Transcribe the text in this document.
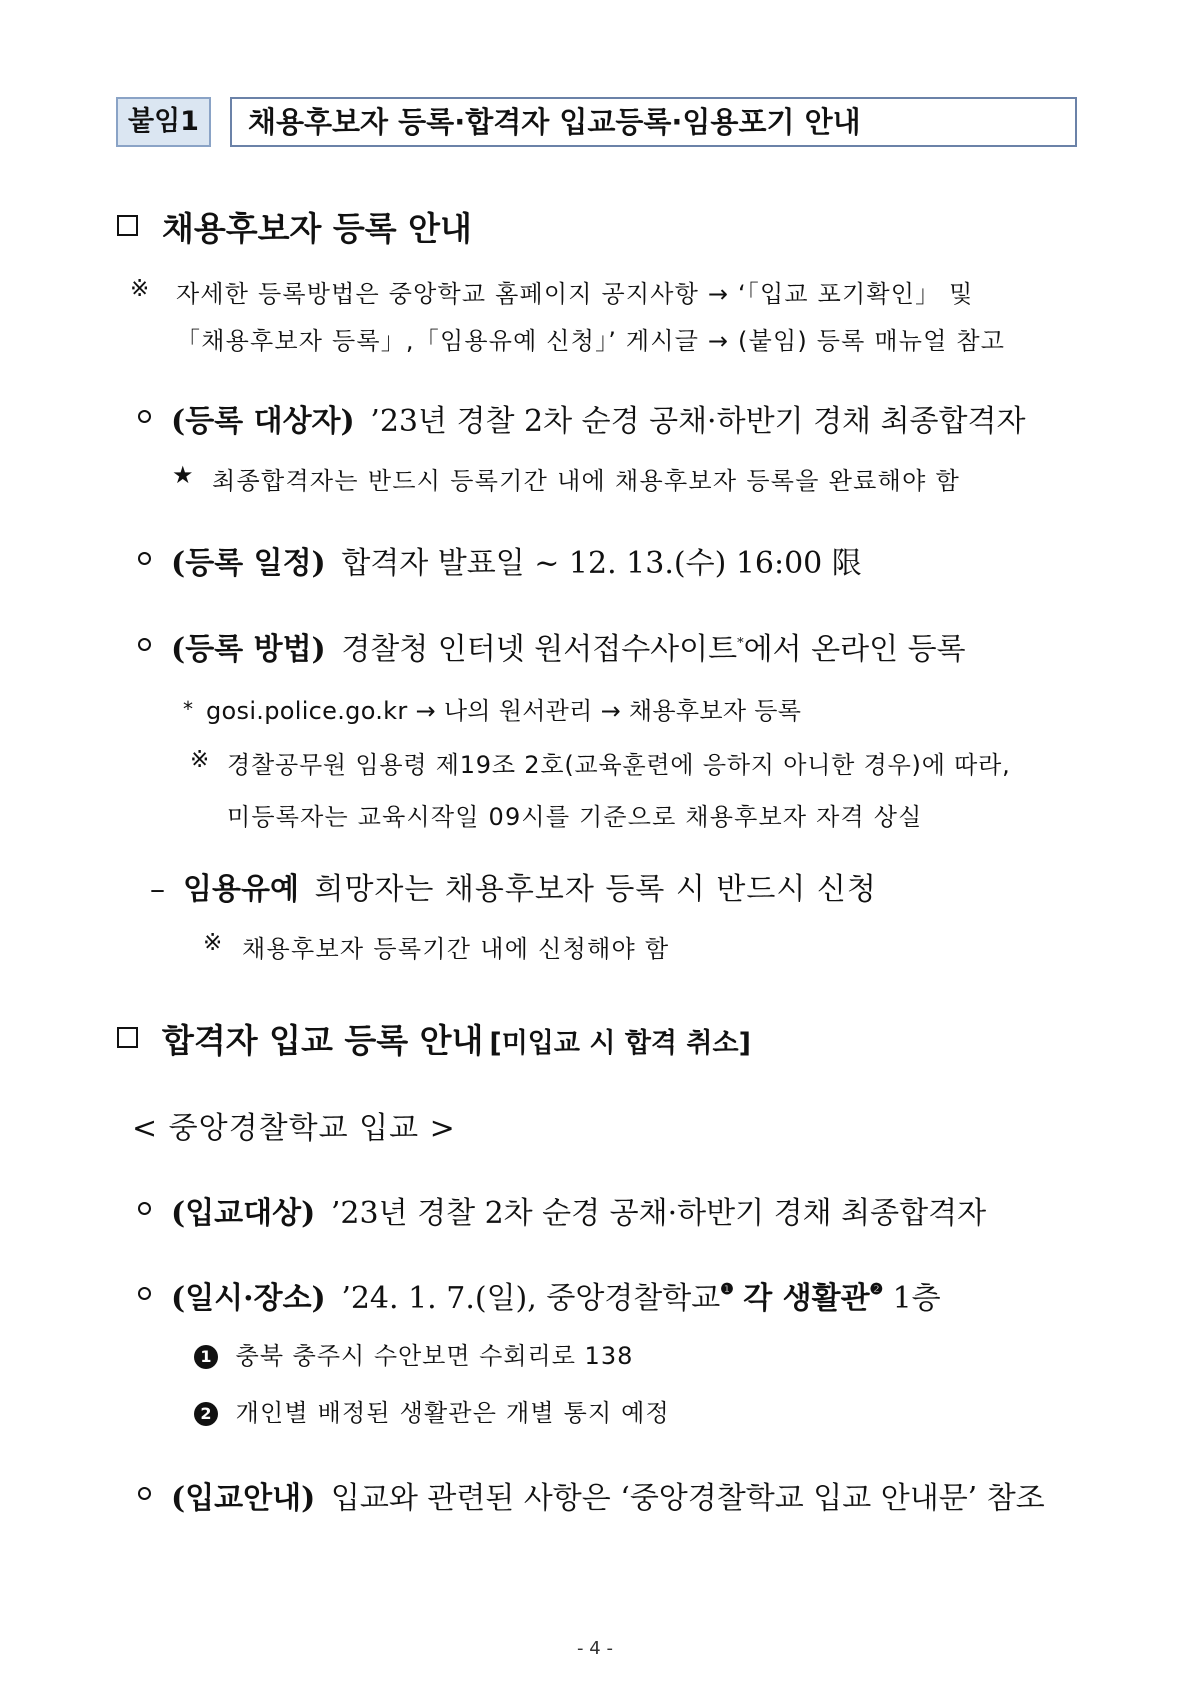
붙임1	채용후보자 등록·합격자 입교등록·임용포기 안내
채용후보자 등록 안내
※ 자세한 등록방법은 중앙학교 홈페이지 공지사항 → ‘「입교 포기확인」 및
「채용후보자 등록」,「임용유예 신청」’ 게시글 → (붙임) 등록 매뉴얼 참고
(등록 대상자) ’23년 경찰 2차 순경 공채·하반기 경채 최종합격자
★ 최종합격자는 반드시 등록기간 내에 채용후보자 등록을 완료해야 함
(등록 일정) 합격자 발표일 ~ 12. 13.(수) 16:00 限
(등록 방법) 경찰청 인터넷 원서접수사이트*에서 온라인 등록
* gosi.police.go.kr → 나의 원서관리 → 채용후보자 등록
※ 경찰공무원 임용령 제19조 2호(교육훈련에 응하지 아니한 경우)에 따라,
미등록자는 교육시작일 09시를 기준으로 채용후보자 자격 상실
– 임용유예 희망자는 채용후보자 등록 시 반드시 신청
※ 채용후보자 등록기간 내에 신청해야 함
합격자 입교 등록 안내 [미입교 시 합격 취소]
< 중앙경찰학교 입교 >
(입교대상) ’23년 경찰 2차 순경 공채·하반기 경채 최종합격자
(일시·장소) ’24. 1. 7.(일), 중앙경찰학교$^❶$ 각 생활관$^❷$ 1층
1 충북 충주시 수안보면 수회리로 138
2 개인별 배정된 생활관은 개별 통지 예정
(입교안내) 입교와 관련된 사항은 ‘중앙경찰학교 입교 안내문’ 참조
- 4 -
